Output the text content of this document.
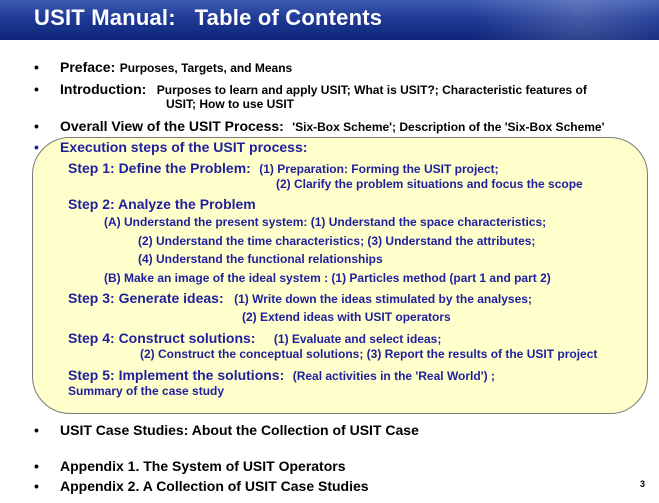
USIT Manual:   Table of Contents
• Preface: Purposes, Targets, and Means
• Introduction: Purposes to learn and apply USIT; What is USIT?; Characteristic features of
USIT; How to use USIT
• Overall View of the USIT Process: 'Six-Box Scheme'; Description of the 'Six-Box Scheme'
• Execution steps of the USIT process:
Step 1: Define the Problem: (1) Preparation: Forming the USIT project;
(2) Clarify the problem situations and focus the scope
Step 2: Analyze the Problem
(A) Understand the present system: (1) Understand the space characteristics;
(2) Understand the time characteristics; (3) Understand the attributes;
(4) Understand the functional relationships
(B) Make an image of the ideal system : (1) Particles method (part 1 and part 2)
Step 3: Generate ideas: (1) Write down the ideas stimulated by the analyses;
(2) Extend ideas with USIT operators
Step 4: Construct solutions: (1) Evaluate and select ideas;
(2) Construct the conceptual solutions; (3) Report the results of the USIT project
Step 5: Implement the solutions: (Real activities in the 'Real World') ;
Summary of the case study
• USIT Case Studies: About the Collection of USIT Case
• Appendix 1. The System of USIT Operators
• Appendix 2. A Collection of USIT Case Studies	3
